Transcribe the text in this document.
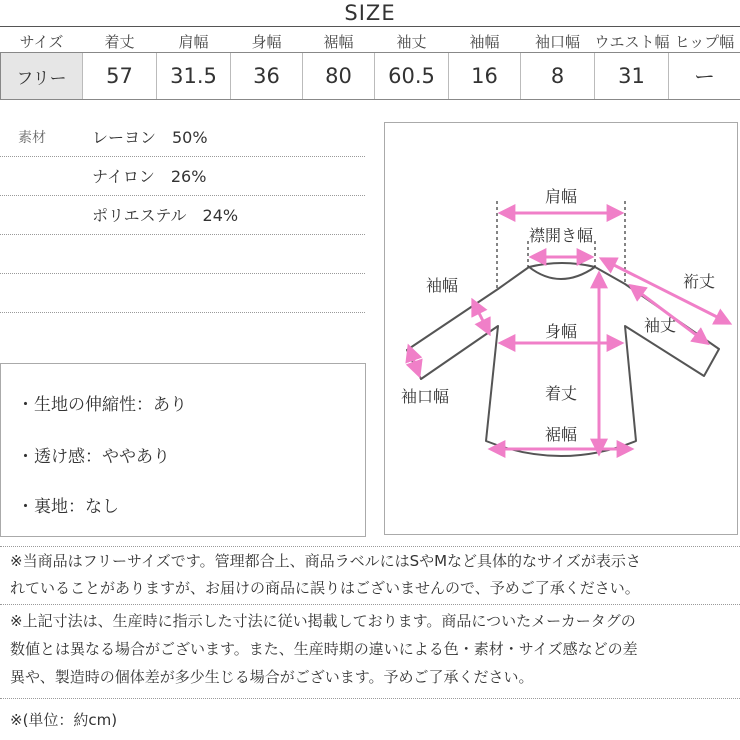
SIZE
サイズ	着丈	肩幅	身幅	裾幅	袖丈	袖幅	袖口幅	ウエスト幅	ヒップ幅
フリー	57	31.5	36	80	60.5	16	8	31	ー
素材	レーヨン　50%
ナイロン　26%
ポリエステル　24%
・生地の伸縮性：あり
・透け感：ややあり
・裏地：なし
肩幅
襟開き幅
袖幅	裄丈
袖丈
身幅
袖口幅	着丈
裾幅
※当商品はフリーサイズです。管理都合上、商品ラベルにはSやMなど具体的なサイズが表示さ
れていることがありますが、お届けの商品に誤りはございませんので、予めご了承ください。
※上記寸法は、生産時に指示した寸法に従い掲載しております。商品についたメーカータグの
数値とは異なる場合がございます。また、生産時期の違いによる色・素材・サイズ感などの差
異や、製造時の個体差が多少生じる場合がございます。予めご了承ください。
※(単位：約cm)
